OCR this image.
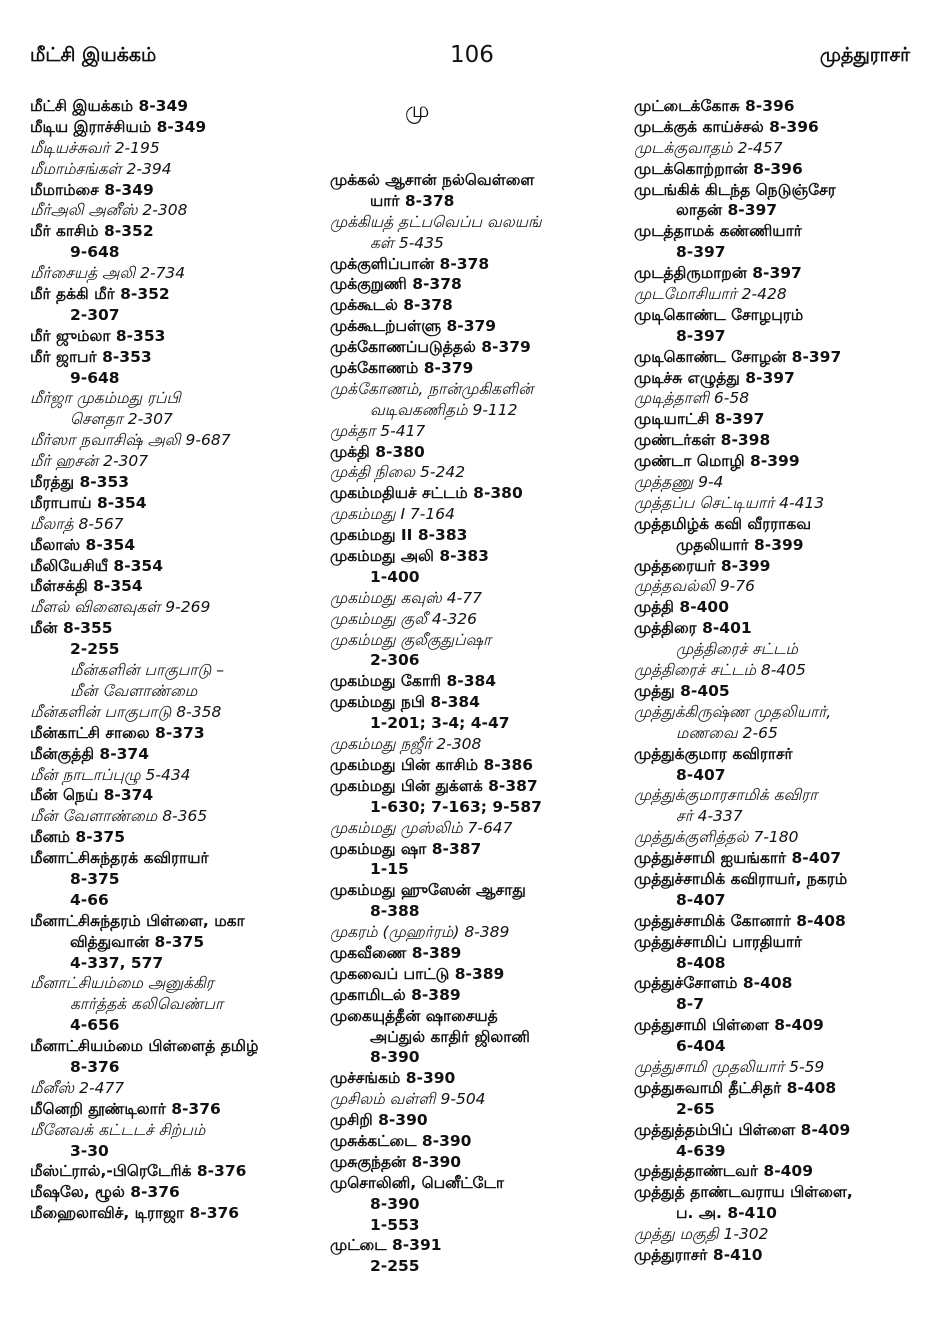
மீட்சி இயக்கம்	106	முத்துராசர்
மீட்சி இயக்கம் 8-349
மீடிய இராச்சியம் 8-349
மீடியச்சுவர் 2-195
மீமாம்சங்கள் 2-394
மீமாம்சை 8-349
மீர்அலி அனீஸ் 2-308
மீர் காசிம் 8-352
9-648
மீர்சையத் அலி 2-734
மீர் தக்கி மீர் 8-352
2-307
மீர் ஜும்லா 8-353
மீர் ஜாபர் 8-353
9-648
மீர்ஜா முகம்மது ரப்பி
சௌதா 2-307
மீர்ஸா நவாசிஷ் அலி 9-687
மீர் ஹசன் 2-307
மீரத்து 8-353
மீராபாய் 8-354
மீலாத் 8-567
மீலாஸ் 8-354
மீலியேசியீ 8-354
மீள்சக்தி 8-354
மீளல் வினைவுகள் 9-269
மீன் 8-355
2-255
மீன்களின் பாகுபாடு –
மீன் வேளாண்மை
மீன்களின் பாகுபாடு 8-358
மீன்காட்சி சாலை 8-373
மீன்குத்தி 8-374
மீன் நாடாப்புழு 5-434
மீன் நெய் 8-374
மீன் வேளாண்மை 8-365
மீனம் 8-375
மீனாட்சிசுந்தரக் கவிராயர்
8-375
4-66
மீனாட்சிசுந்தரம் பிள்ளை, மகா
வித்துவான் 8-375
4-337, 577
மீனாட்சியம்மை அனுக்கிர
கார்த்தக் கலிவெண்பா
4-656
மீனாட்சியம்மை பிள்ளைத் தமிழ்
8-376
மீனீஸ் 2-477
மீனெறி தூண்டிலார் 8-376
மீனேவக் கட்டடச் சிற்பம்
3-30
மீஸ்ட்ரால்,-பிரெடேரிக் 8-376
மீஷலே, ழூல் 8-376
மீஹைலாவிச், டிராஜா 8-376
மு
முக்கல் ஆசான் நல்வெள்ளை
யார் 8-378
முக்கியத் தட்பவெப்ப வலயங்
கள் 5-435
முக்குளிப்பான் 8-378
முக்குறுணி 8-378
முக்கூடல் 8-378
முக்கூடற்பள்ளு 8-379
முக்கோணப்படுத்தல் 8-379
முக்கோணம் 8-379
முக்கோணம், நான்முகிகளின்
வடிவகணிதம் 9-112
முக்தா 5-417
முக்தி 8-380
முக்தி நிலை 5-242
முகம்மதியச் சட்டம் 8-380
முகம்மது I 7-164
முகம்மது II 8-383
முகம்மது அலி 8-383
1-400
முகம்மது கவுஸ் 4-77
முகம்மது குலீ 4-326
முகம்மது குலீகுதுப்ஷா
2-306
முகம்மது கோரி 8-384
முகம்மது நபி 8-384
1-201; 3-4; 4-47
முகம்மது நஜீர் 2-308
முகம்மது பின் காசிம் 8-386
முகம்மது பின் துக்ளக் 8-387
1-630; 7-163; 9-587
முகம்மது முஸ்லிம் 7-647
முகம்மது ஷா 8-387
1-15
முகம்மது ஹுஸேன் ஆசாது
8-388
முகரம் (முஹர்ரம்) 8-389
முகவீணை 8-389
முகவைப் பாட்டு 8-389
முகாமிடல் 8-389
முகையுத்தீன் ஷாசையத்
அப்துல் காதிர் ஜிலானி
8-390
முச்சங்கம் 8-390
முசிலம் வள்ளி 9-504
முசிறி 8-390
முசுக்கட்டை 8-390
முசுகுந்தன் 8-390
முசொலினி, பெனீட்டோ
8-390
1-553
முட்டை 8-391
2-255
முட்டைக்கோசு 8-396
முடக்குக் காய்ச்சல் 8-396
முடக்குவாதம் 2-457
முடக்கொற்றான் 8-396
முடங்கிக் கிடந்த நெடுஞ்சேர
லாதன் 8-397
முடத்தாமக் கண்ணியார்
8-397
முடத்திருமாறன் 8-397
முடமோசியார் 2-428
முடிகொண்ட சோழபுரம்
8-397
முடிகொண்ட சோழன் 8-397
முடிச்சு எழுத்து 8-397
முடித்தாளி 6-58
முடியாட்சி 8-397
முண்டர்கள் 8-398
முண்டா மொழி 8-399
முத்தணு 9-4
முத்தப்ப செட்டியார் 4-413
முத்தமிழ்க் கவி வீரராகவ
முதலியார் 8-399
முத்தரையர் 8-399
முத்தவல்லி 9-76
முத்தி 8-400
முத்திரை 8-401
முத்திரைச் சட்டம்
முத்திரைச் சட்டம் 8-405
முத்து 8-405
முத்துக்கிருஷ்ண முதலியார்,
மணவை 2-65
முத்துக்குமார கவிராசர்
8-407
முத்துக்குமாரசாமிக் கவிரா
சர் 4-337
முத்துக்குளித்தல் 7-180
முத்துச்சாமி ஐயங்கார் 8-407
முத்துச்சாமிக் கவிராயர், நகரம்
8-407
முத்துச்சாமிக் கோனார் 8-408
முத்துச்சாமிப் பாரதியார்
8-408
முத்துச்சோளம் 8-408
8-7
முத்துசாமி பிள்ளை 8-409
6-404
முத்துசாமி முதலியார் 5-59
முத்துசுவாமி தீட்சிதர் 8-408
2-65
முத்துத்தம்பிப் பிள்ளை 8-409
4-639
முத்துத்தாண்டவர் 8-409
முத்துத் தாண்டவராய பிள்ளை,
ப. அ. 8-410
முத்து மகுதி 1-302
முத்துராசர் 8-410
